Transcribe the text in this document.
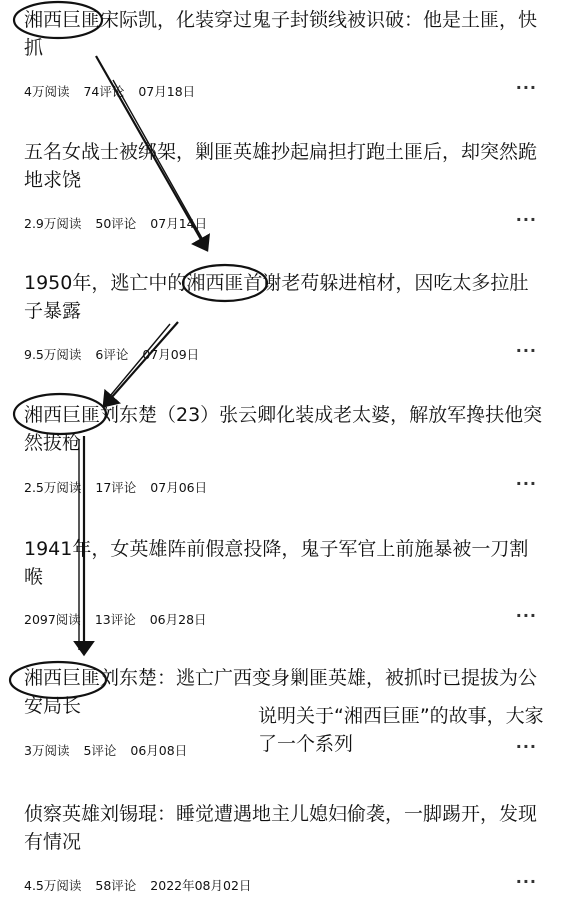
湘西巨匪宋际凯，化装穿过鬼子封锁线被识破：他是土匪，快抓
4万阅读 74评论 07月18日	···
五名女战士被绑架，剿匪英雄抄起扁担打跑土匪后，却突然跪地求饶
2.9万阅读 50评论 07月14日	···
1950年，逃亡中的湘西匪首谢老苟躲进棺材，因吃太多拉肚子暴露
9.5万阅读 6评论 07月09日	···
湘西巨匪刘东楚（23）张云卿化装成老太婆，解放军搀扶他突然拔枪
2.5万阅读 17评论 07月06日	···
1941年，女英雄阵前假意投降，鬼子军官上前施暴被一刀割喉
2097阅读 13评论 06月28日	···
湘西巨匪刘东楚：逃亡广西变身剿匪英雄，被抓时已提拔为公安局长
3万阅读 5评论 06月08日	···
侦察英雄刘锡琨：睡觉遭遇地主儿媳妇偷袭，一脚踢开，发现有情况
4.5万阅读 58评论 2022年08月02日	···
说明关于“湘西巨匪”的故事，大家
了一个系列
